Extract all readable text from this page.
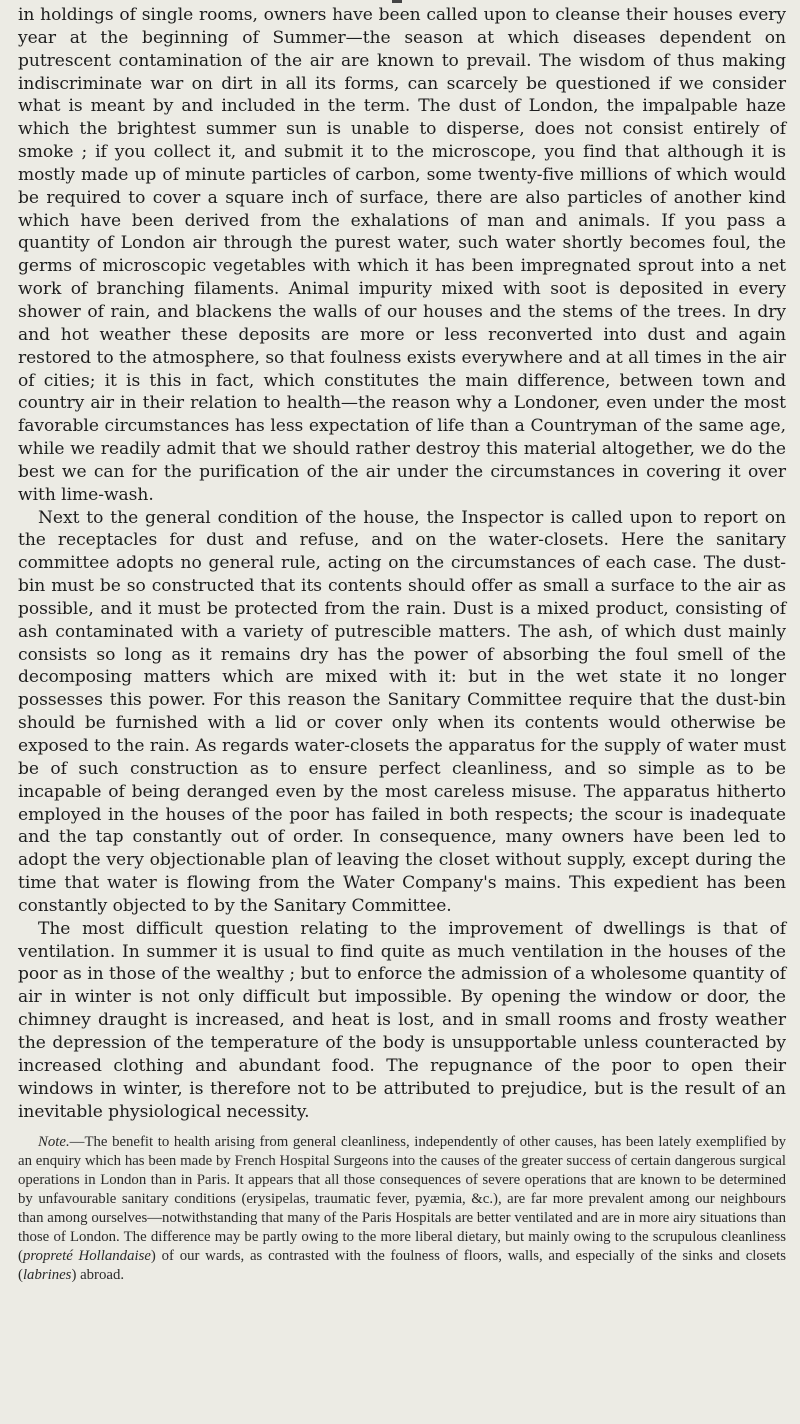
in holdings of single rooms, owners have been called upon to cleanse their houses every year at the beginning of Summer—the season at which diseases dependent on putrescent contamination of the air are known to prevail. The wisdom of thus making indiscriminate war on dirt in all its forms, can scarcely be questioned if we consider what is meant by and included in the term. The dust of London, the impalpable haze which the brightest summer sun is unable to disperse, does not consist entirely of smoke ; if you collect it, and submit it to the microscope, you find that although it is mostly made up of minute particles of carbon, some twenty-five millions of which would be required to cover a square inch of surface, there are also particles of another kind which have been derived from the exhalations of man and animals. If you pass a quantity of London air through the purest water, such water shortly becomes foul, the germs of microscopic vegetables with which it has been impregnated sprout into a net work of branching filaments. Animal impurity mixed with soot is deposited in every shower of rain, and blackens the walls of our houses and the stems of the trees. In dry and hot weather these deposits are more or less reconverted into dust and again restored to the atmosphere, so that foulness exists everywhere and at all times in the air of cities; it is this in fact, which constitutes the main difference, between town and country air in their relation to health—the reason why a Londoner, even under the most favorable circumstances has less expectation of life than a Countryman of the same age, while we readily admit that we should rather destroy this material altogether, we do the best we can for the purification of the air under the circumstances in covering it over with lime-wash.

Next to the general condition of the house, the Inspector is called upon to report on the receptacles for dust and refuse, and on the water-closets. Here the sanitary committee adopts no general rule, acting on the circumstances of each case. The dust-bin must be so constructed that its contents should offer as small a surface to the air as possible, and it must be protected from the rain. Dust is a mixed product, consisting of ash contaminated with a variety of putrescible matters. The ash, of which dust mainly consists so long as it remains dry has the power of absorbing the foul smell of the decomposing matters which are mixed with it: but in the wet state it no longer possesses this power. For this reason the Sanitary Committee require that the dust-bin should be furnished with a lid or cover only when its contents would otherwise be exposed to the rain. As regards water-closets the apparatus for the supply of water must be of such construction as to ensure perfect cleanliness, and so simple as to be incapable of being deranged even by the most careless misuse. The apparatus hitherto employed in the houses of the poor has failed in both respects; the scour is inadequate and the tap constantly out of order. In consequence, many owners have been led to adopt the very objectionable plan of leaving the closet without supply, except during the time that water is flowing from the Water Company's mains. This expedient has been constantly objected to by the Sanitary Committee.

The most difficult question relating to the improvement of dwellings is that of ventilation. In summer it is usual to find quite as much ventilation in the houses of the poor as in those of the wealthy ; but to enforce the admission of a wholesome quantity of air in winter is not only difficult but impossible. By opening the window or door, the chimney draught is increased, and heat is lost, and in small rooms and frosty weather the depression of the temperature of the body is unsupportable unless counteracted by increased clothing and abundant food. The repugnance of the poor to open their windows in winter, is therefore not to be attributed to prejudice, but is the result of an inevitable physiological necessity.

Note.—The benefit to health arising from general cleanliness, independently of other causes, has been lately exemplified by an enquiry which has been made by French Hospital Surgeons into the causes of the greater success of certain dangerous surgical operations in London than in Paris. It appears that all those consequences of severe operations that are known to be determined by unfavourable sanitary conditions (erysipelas, traumatic fever, pyæmia, &c.), are far more prevalent among our neighbours than among ourselves—notwithstanding that many of the Paris Hospitals are better ventilated and are in more airy situations than those of London. The difference may be partly owing to the more liberal dietary, but mainly owing to the scrupulous cleanliness (propreté Hollandaise) of our wards, as contrasted with the foulness of floors, walls, and especially of the sinks and closets (labrines) abroad.
